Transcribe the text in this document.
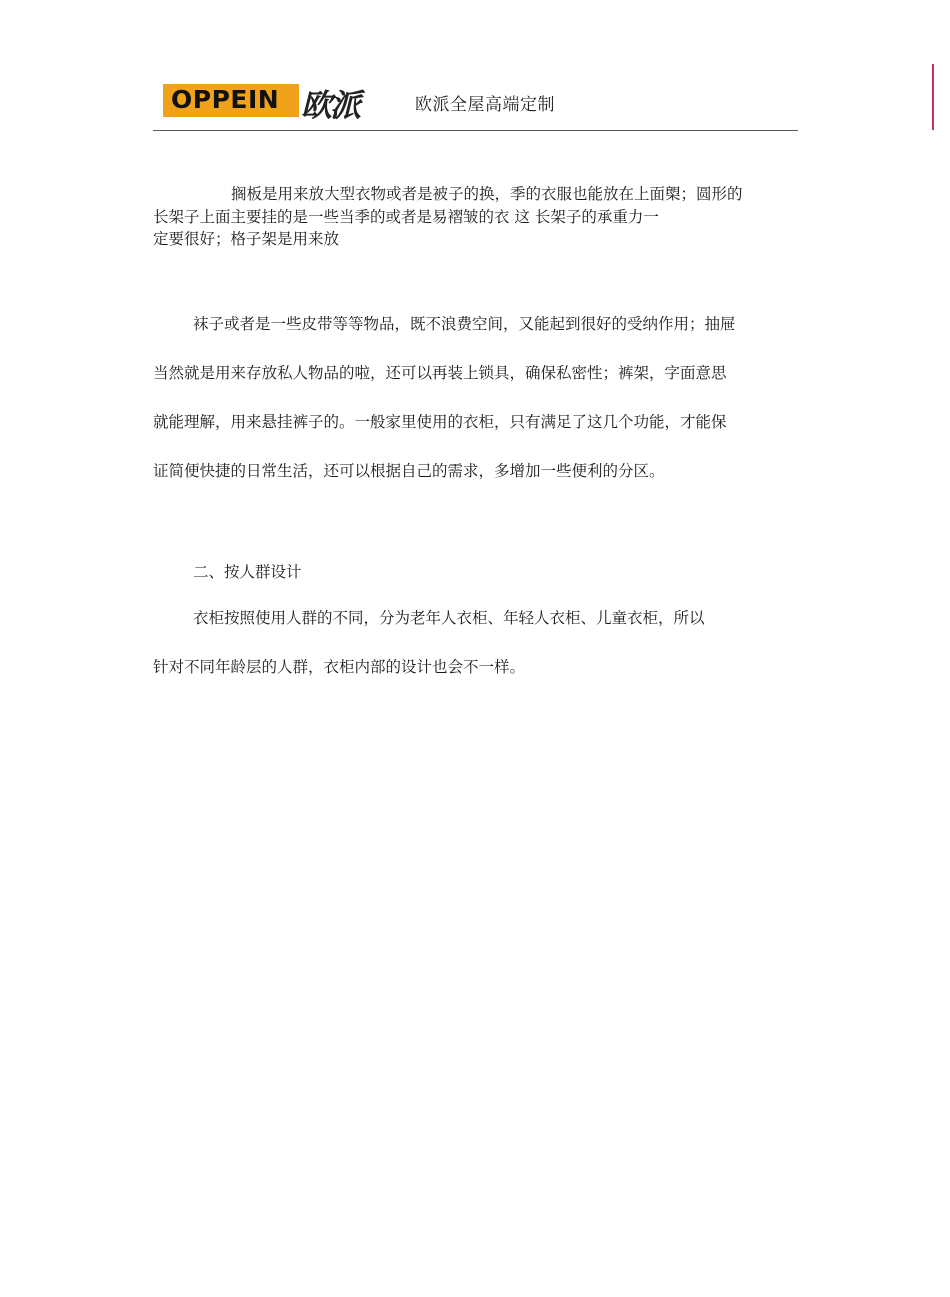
OPPEIN 欧派	欧派全屋高端定制
搁板是用来放大型衣物或者是被子的换，季的衣服也能放在上面㮾；圆形的
长架子上面主要挂的是一些当季的或者是易褶皱的衣 这 长架子的承重力一
定要很好；格子架是用来放
袜子或者是一些皮带等等物品，既不浪费空间，又能起到很好的受纳作用；抽屉
当然就是用来存放私人物品的啦，还可以再装上锁具，确保私密性；裤架，字面意思
就能理解，用来悬挂裤子的。一般家里使用的衣柜，只有满足了这几个功能，才能保
证简便快捷的日常生活，还可以根据自己的需求，多增加一些便利的分区。
二、按人群设计
衣柜按照使用人群的不同，分为老年人衣柜、年轻人衣柜、儿童衣柜，所以
针对不同年龄层的人群，衣柜内部的设计也会不一样。
